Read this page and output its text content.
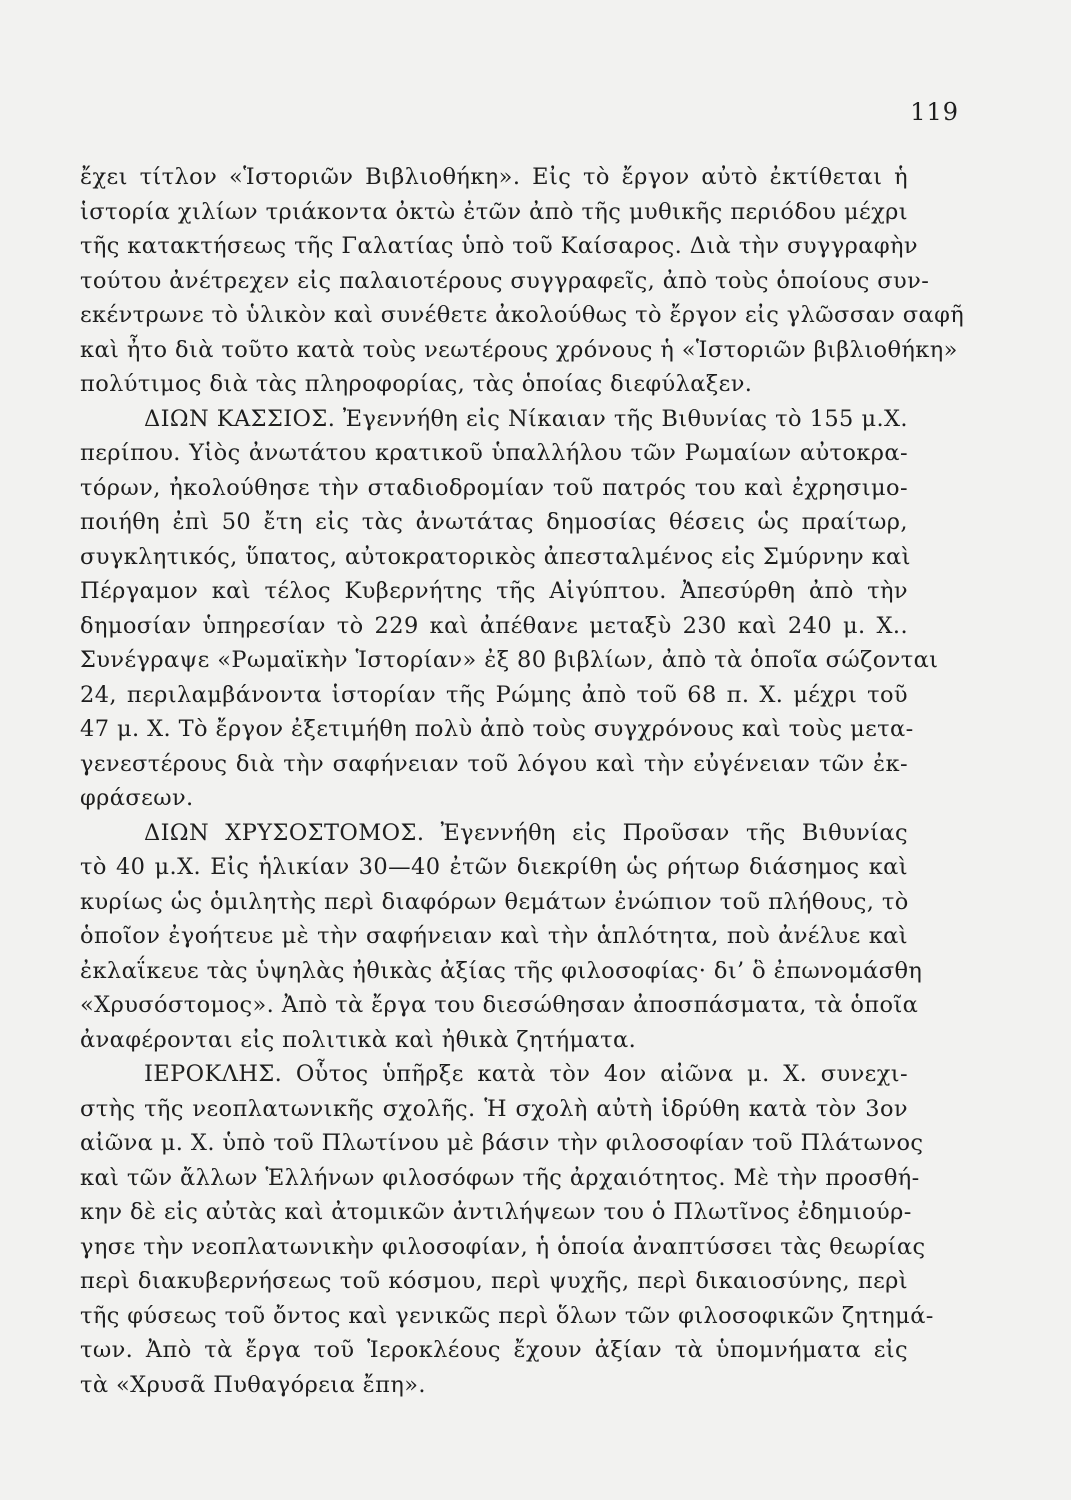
119
ἔχει τίτλον «Ἱστοριῶν Βιβλιοθήκη». Εἰς τὸ ἔργον αὐτὸ ἐκτίθεται ἡ
ἱστορία χιλίων τριάκοντα ὀκτὼ ἐτῶν ἀπὸ τῆς μυθικῆς περιόδου μέχρι
τῆς κατακτήσεως τῆς Γαλατίας ὑπὸ τοῦ Καίσαρος. Διὰ τὴν συγγραφὴν
τούτου ἀνέτρεχεν εἰς παλαιοτέρους συγγραφεῖς, ἀπὸ τοὺς ὁποίους συν-
εκέντρωνε τὸ ὑλικὸν καὶ συνέθετε ἀκολούθως τὸ ἔργον εἰς γλῶσσαν σαφῆ
καὶ ἦτο διὰ τοῦτο κατὰ τοὺς νεωτέρους χρόνους ἡ «Ἱστοριῶν βιβλιοθήκη»
πολύτιμος διὰ τὰς πληροφορίας, τὰς ὁποίας διεφύλαξεν.
ΔΙΩΝ ΚΑΣΣΙΟΣ. Ἐγεννήθη εἰς Νίκαιαν τῆς Βιθυνίας τὸ 155 μ.Χ.
περίπου. Υἱὸς ἀνωτάτου κρατικοῦ ὑπαλλήλου τῶν Ρωμαίων αὐτοκρα-
τόρων, ἠκολούθησε τὴν σταδιοδρομίαν τοῦ πατρός του καὶ ἐχρησιμο-
ποιήθη ἐπὶ 50 ἔτη εἰς τὰς ἀνωτάτας δημοσίας θέσεις ὡς πραίτωρ,
συγκλητικός, ὕπατος, αὐτοκρατορικὸς ἀπεσταλμένος εἰς Σμύρνην καὶ
Πέργαμον καὶ τέλος Κυβερνήτης τῆς Αἰγύπτου. Ἀπεσύρθη ἀπὸ τὴν
δημοσίαν ὑπηρεσίαν τὸ 229 καὶ ἀπέθανε μεταξὺ 230 καὶ 240 μ. Χ..
Συνέγραψε «Ρωμαϊκὴν Ἱστορίαν» ἐξ 80 βιβλίων, ἀπὸ τὰ ὁποῖα σώζονται
24, περιλαμβάνοντα ἱστορίαν τῆς Ρώμης ἀπὸ τοῦ 68 π. Χ. μέχρι τοῦ
47 μ. Χ. Τὸ ἔργον ἐξετιμήθη πολὺ ἀπὸ τοὺς συγχρόνους καὶ τοὺς μετα-
γενεστέρους διὰ τὴν σαφήνειαν τοῦ λόγου καὶ τὴν εὐγένειαν τῶν ἐκ-
φράσεων.
ΔΙΩΝ ΧΡΥΣΟΣΤΟΜΟΣ. Ἐγεννήθη εἰς Προῦσαν τῆς Βιθυνίας
τὸ 40 μ.Χ. Εἰς ἡλικίαν 30—40 ἐτῶν διεκρίθη ὡς ρήτωρ διάσημος καὶ
κυρίως ὡς ὁμιλητὴς περὶ διαφόρων θεμάτων ἐνώπιον τοῦ πλήθους, τὸ
ὁποῖον ἐγοήτευε μὲ τὴν σαφήνειαν καὶ τὴν ἁπλότητα, ποὺ ἀνέλυε καὶ
ἐκλαΐκευε τὰς ὑψηλὰς ἠθικὰς ἀξίας τῆς φιλοσοφίας· δι’ ὃ ἐπωνομάσθη
«Χρυσόστομος». Ἀπὸ τὰ ἔργα του διεσώθησαν ἀποσπάσματα, τὰ ὁποῖα
ἀναφέρονται εἰς πολιτικὰ καὶ ἠθικὰ ζητήματα.
ΙΕΡΟΚΛΗΣ. Οὗτος ὑπῆρξε κατὰ τὸν 4ον αἰῶνα μ. Χ. συνεχι-
στὴς τῆς νεοπλατωνικῆς σχολῆς. Ἡ σχολὴ αὐτὴ ἱδρύθη κατὰ τὸν 3ον
αἰῶνα μ. Χ. ὑπὸ τοῦ Πλωτίνου μὲ βάσιν τὴν φιλοσοφίαν τοῦ Πλάτωνος
καὶ τῶν ἄλλων Ἑλλήνων φιλοσόφων τῆς ἀρχαιότητος. Μὲ τὴν προσθή-
κην δὲ εἰς αὐτὰς καὶ ἀτομικῶν ἀντιλήψεων του ὁ Πλωτῖνος ἐδημιούρ-
γησε τὴν νεοπλατωνικὴν φιλοσοφίαν, ἡ ὁποία ἀναπτύσσει τὰς θεωρίας
περὶ διακυβερνήσεως τοῦ κόσμου, περὶ ψυχῆς, περὶ δικαιοσύνης, περὶ
τῆς φύσεως τοῦ ὄντος καὶ γενικῶς περὶ ὅλων τῶν φιλοσοφικῶν ζητημά-
των. Ἀπὸ τὰ ἔργα τοῦ Ἱεροκλέους ἔχουν ἀξίαν τὰ ὑπομνήματα εἰς
τὰ «Χρυσᾶ Πυθαγόρεια ἔπη».
